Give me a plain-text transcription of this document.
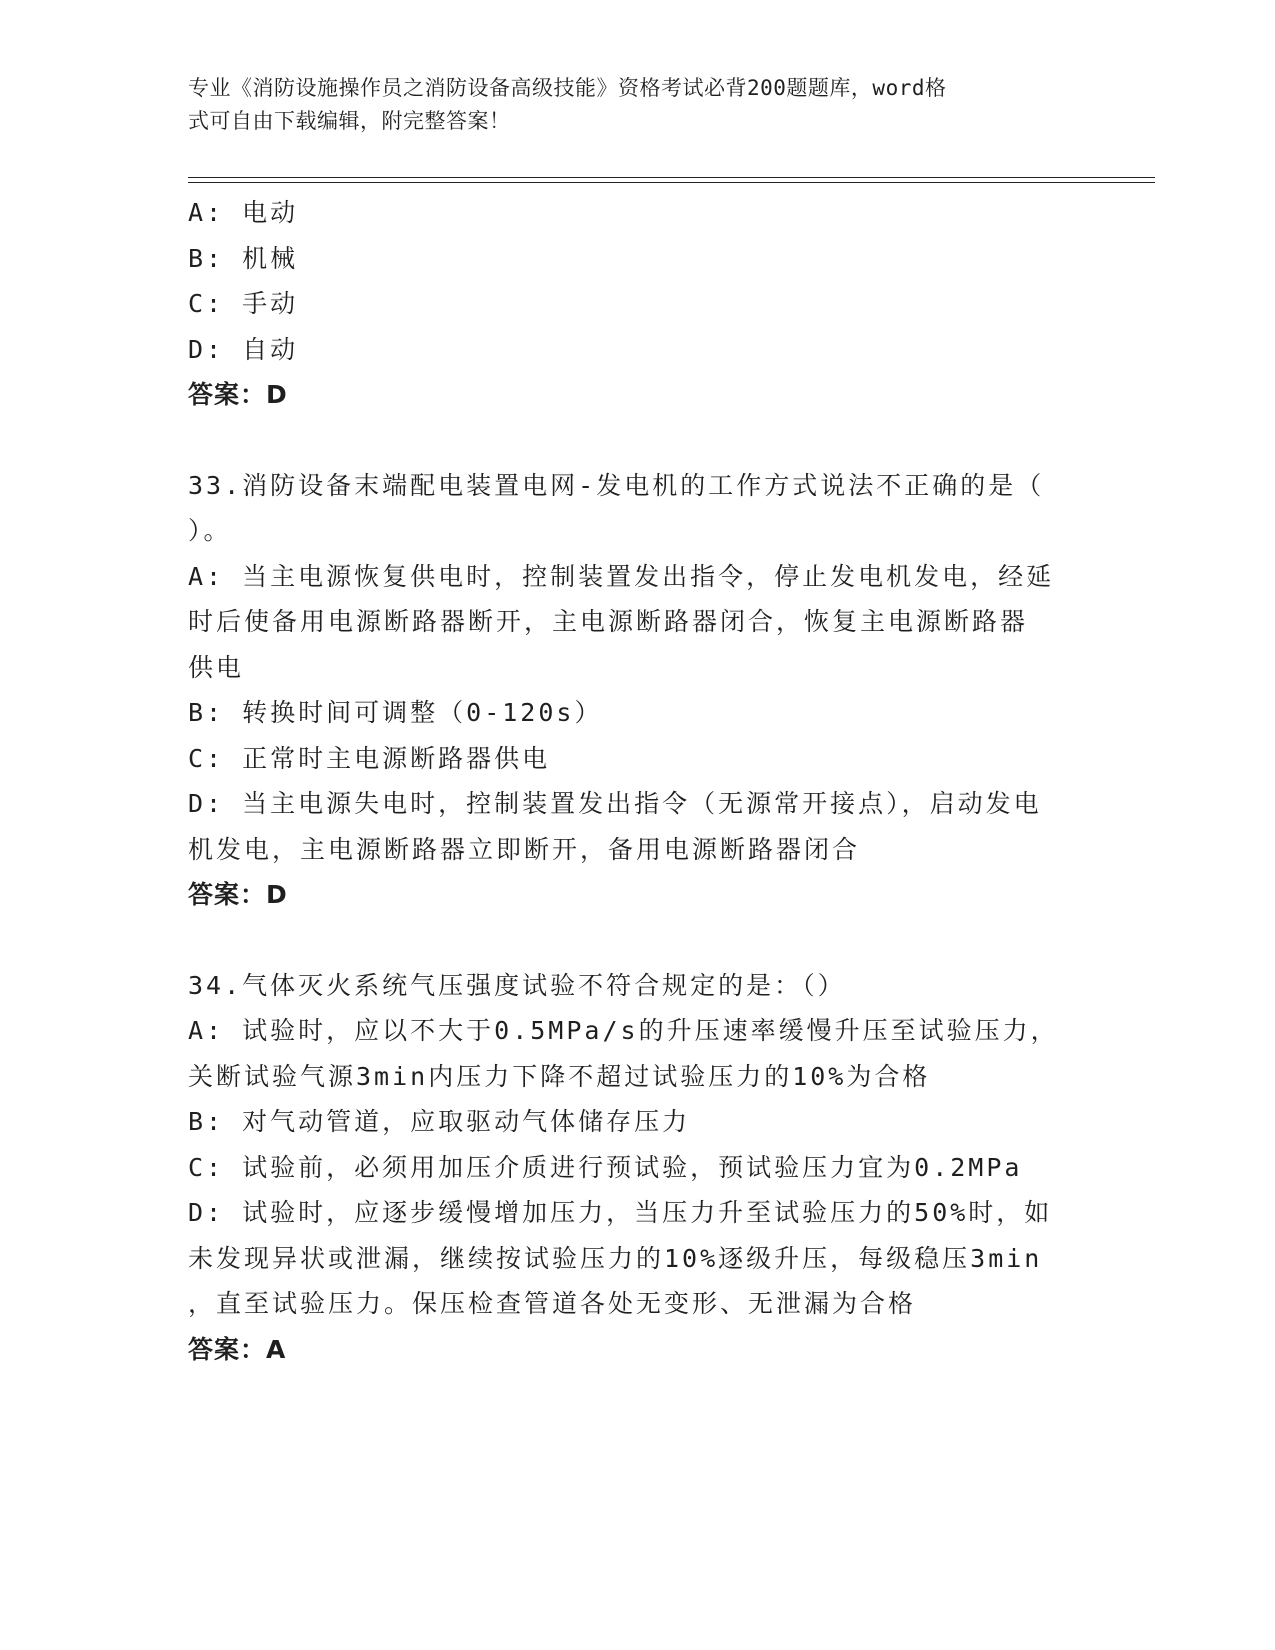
专业《消防设施操作员之消防设备高级技能》资格考试必背200题题库，word格
式可自由下载编辑，附完整答案！
A: 电动
B: 机械
C: 手动
D: 自动
答案：D
33.消防设备末端配电装置电网-发电机的工作方式说法不正确的是（
）。
A: 当主电源恢复供电时，控制装置发出指令，停止发电机发电，经延
时后使备用电源断路器断开，主电源断路器闭合，恢复主电源断路器
供电
B: 转换时间可调整（0-120s）
C: 正常时主电源断路器供电
D: 当主电源失电时，控制装置发出指令（无源常开接点），启动发电
机发电，主电源断路器立即断开，备用电源断路器闭合
答案：D
34.气体灭火系统气压强度试验不符合规定的是：（）
A: 试验时，应以不大于0.5MPa/s的升压速率缓慢升压至试验压力，
关断试验气源3min内压力下降不超过试验压力的10%为合格
B: 对气动管道，应取驱动气体储存压力
C: 试验前，必须用加压介质进行预试验，预试验压力宜为0.2MPa
D: 试验时，应逐步缓慢增加压力，当压力升至试验压力的50%时，如
未发现异状或泄漏，继续按试验压力的10%逐级升压，每级稳压3min
，直至试验压力。保压检查管道各处无变形、无泄漏为合格
答案：A
